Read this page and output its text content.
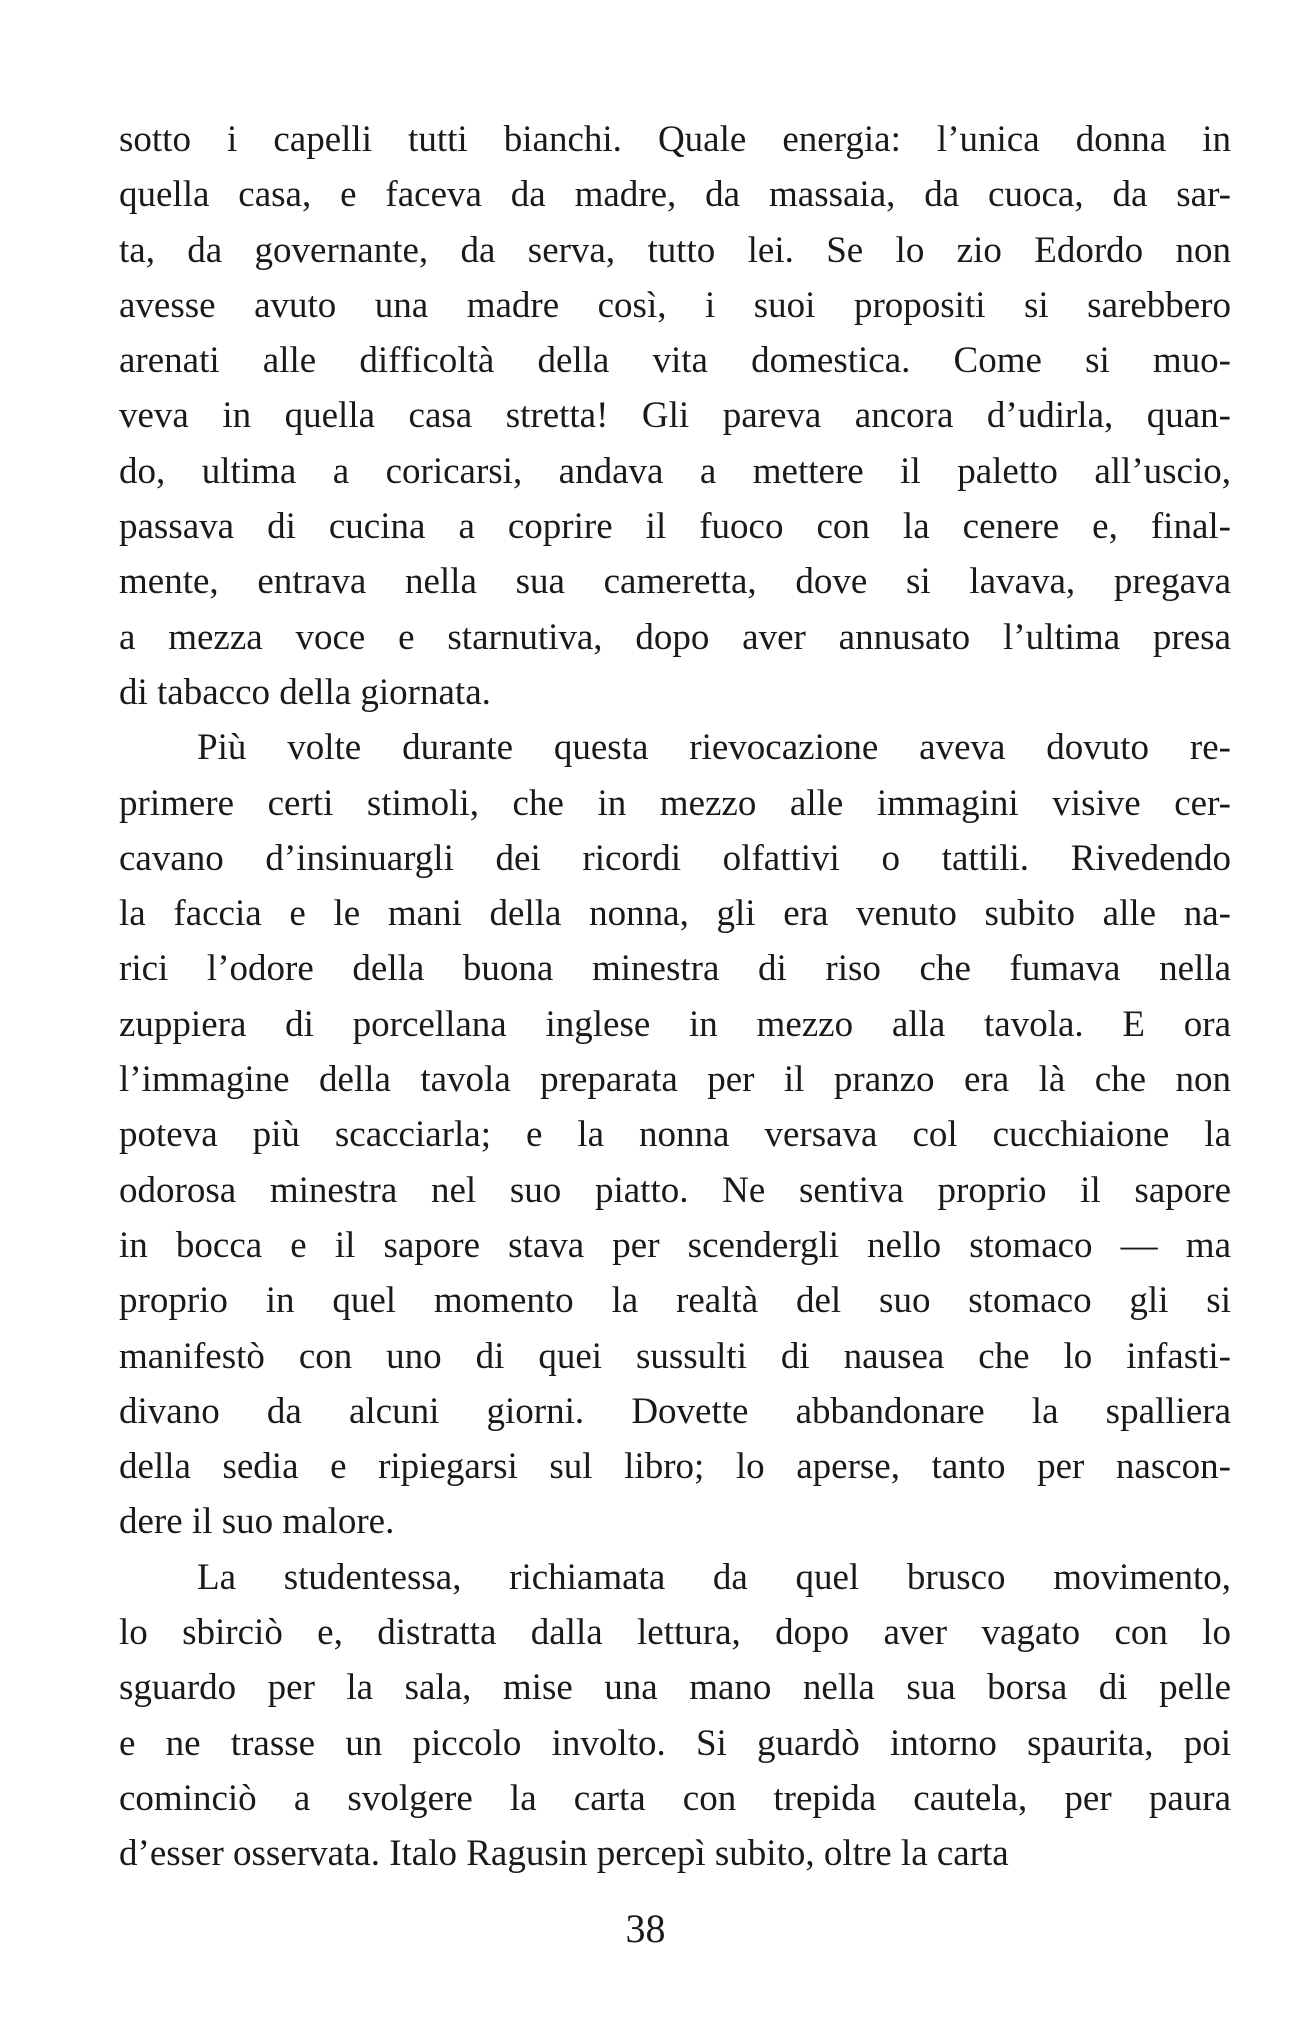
sotto i capelli tutti bianchi. Quale energia: l’unica donna in
quella casa, e faceva da madre, da massaia, da cuoca, da sar-
ta, da governante, da serva, tutto lei. Se lo zio Edordo non
avesse avuto una madre così, i suoi propositi si sarebbero
arenati alle difficoltà della vita domestica. Come si muo-
veva in quella casa stretta! Gli pareva ancora d’udirla, quan-
do, ultima a coricarsi, andava a mettere il paletto all’uscio,
passava di cucina a coprire il fuoco con la cenere e, final-
mente, entrava nella sua cameretta, dove si lavava, pregava
a mezza voce e starnutiva, dopo aver annusato l’ultima presa
di tabacco della giornata.
Più volte durante questa rievocazione aveva dovuto re-
primere certi stimoli, che in mezzo alle immagini visive cer-
cavano d’insinuargli dei ricordi olfattivi o tattili. Rivedendo
la faccia e le mani della nonna, gli era venuto subito alle na-
rici l’odore della buona minestra di riso che fumava nella
zuppiera di porcellana inglese in mezzo alla tavola. E ora
l’immagine della tavola preparata per il pranzo era là che non
poteva più scacciarla; e la nonna versava col cucchiaione la
odorosa minestra nel suo piatto. Ne sentiva proprio il sapore
in bocca e il sapore stava per scendergli nello stomaco — ma
proprio in quel momento la realtà del suo stomaco gli si
manifestò con uno di quei sussulti di nausea che lo infasti-
divano da alcuni giorni. Dovette abbandonare la spalliera
della sedia e ripiegarsi sul libro; lo aperse, tanto per nascon-
dere il suo malore.
La studentessa, richiamata da quel brusco movimento,
lo sbirciò e, distratta dalla lettura, dopo aver vagato con lo
sguardo per la sala, mise una mano nella sua borsa di pelle
e ne trasse un piccolo involto. Si guardò intorno spaurita, poi
cominciò a svolgere la carta con trepida cautela, per paura
d’esser osservata. Italo Ragusin percepì subito, oltre la carta
38
